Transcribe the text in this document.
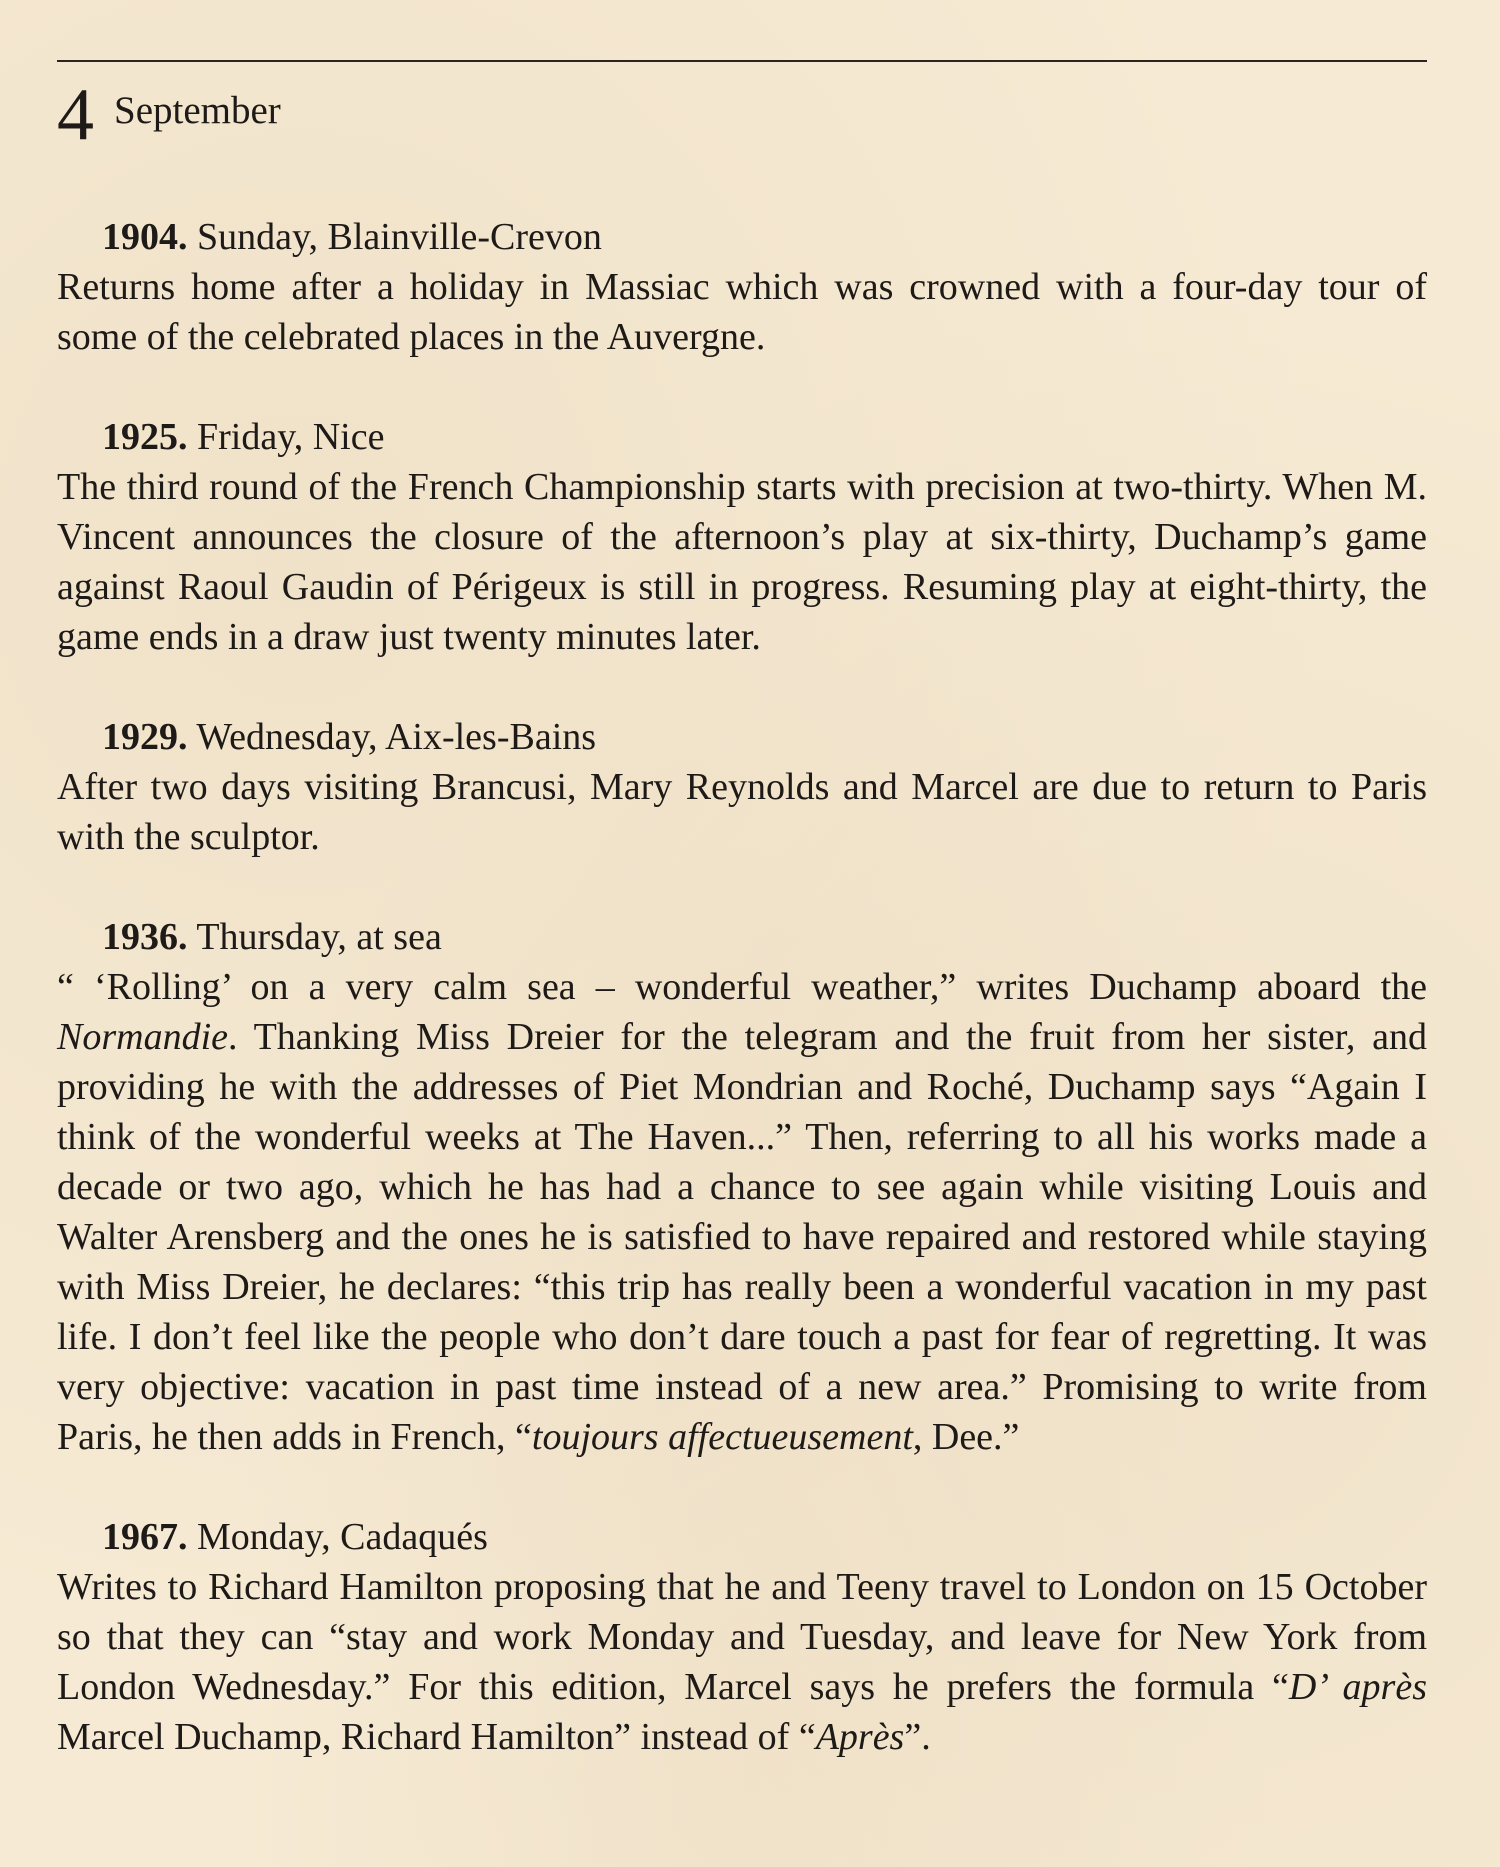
4 September
1904. Sunday, Blainville-Crevon

Returns home after a holiday in Massiac which was crowned with a four-day tour of some of the celebrated places in the Auvergne.

1925. Friday, Nice

The third round of the French Championship starts with precision at two-thirty. When M. Vincent announces the closure of the afternoon’s play at six-thirty, Duchamp’s game against Raoul Gaudin of Périgeux is still in progress. Resuming play at eight-thirty, the game ends in a draw just twenty minutes later.

1929. Wednesday, Aix-les-Bains

After two days visiting Brancusi, Mary Reynolds and Marcel are due to return to Paris with the sculptor.

1936. Thursday, at sea

“ ‘Rolling’ on a very calm sea – wonderful weather,” writes Duchamp aboard the Normandie. Thanking Miss Dreier for the telegram and the fruit from her sister, and providing he with the addresses of Piet Mondrian and Roché, Duchamp says “Again I think of the wonderful weeks at The Haven...” Then, referring to all his works made a decade or two ago, which he has had a chance to see again while visiting Louis and Walter Arensberg and the ones he is satisfied to have repaired and restored while staying with Miss Dreier, he declares: “this trip has really been a wonderful vacation in my past life. I don’t feel like the people who don’t dare touch a past for fear of regretting. It was very objective: vacation in past time instead of a new area.” Promising to write from Paris, he then adds in French, “toujours affectueusement, Dee.”

1967. Monday, Cadaqués

Writes to Richard Hamilton proposing that he and Teeny travel to London on 15 October so that they can “stay and work Monday and Tuesday, and leave for New York from London Wednesday.” For this edition, Marcel says he prefers the formula “D’ après Marcel Duchamp, Richard Hamilton” instead of “Après”.
